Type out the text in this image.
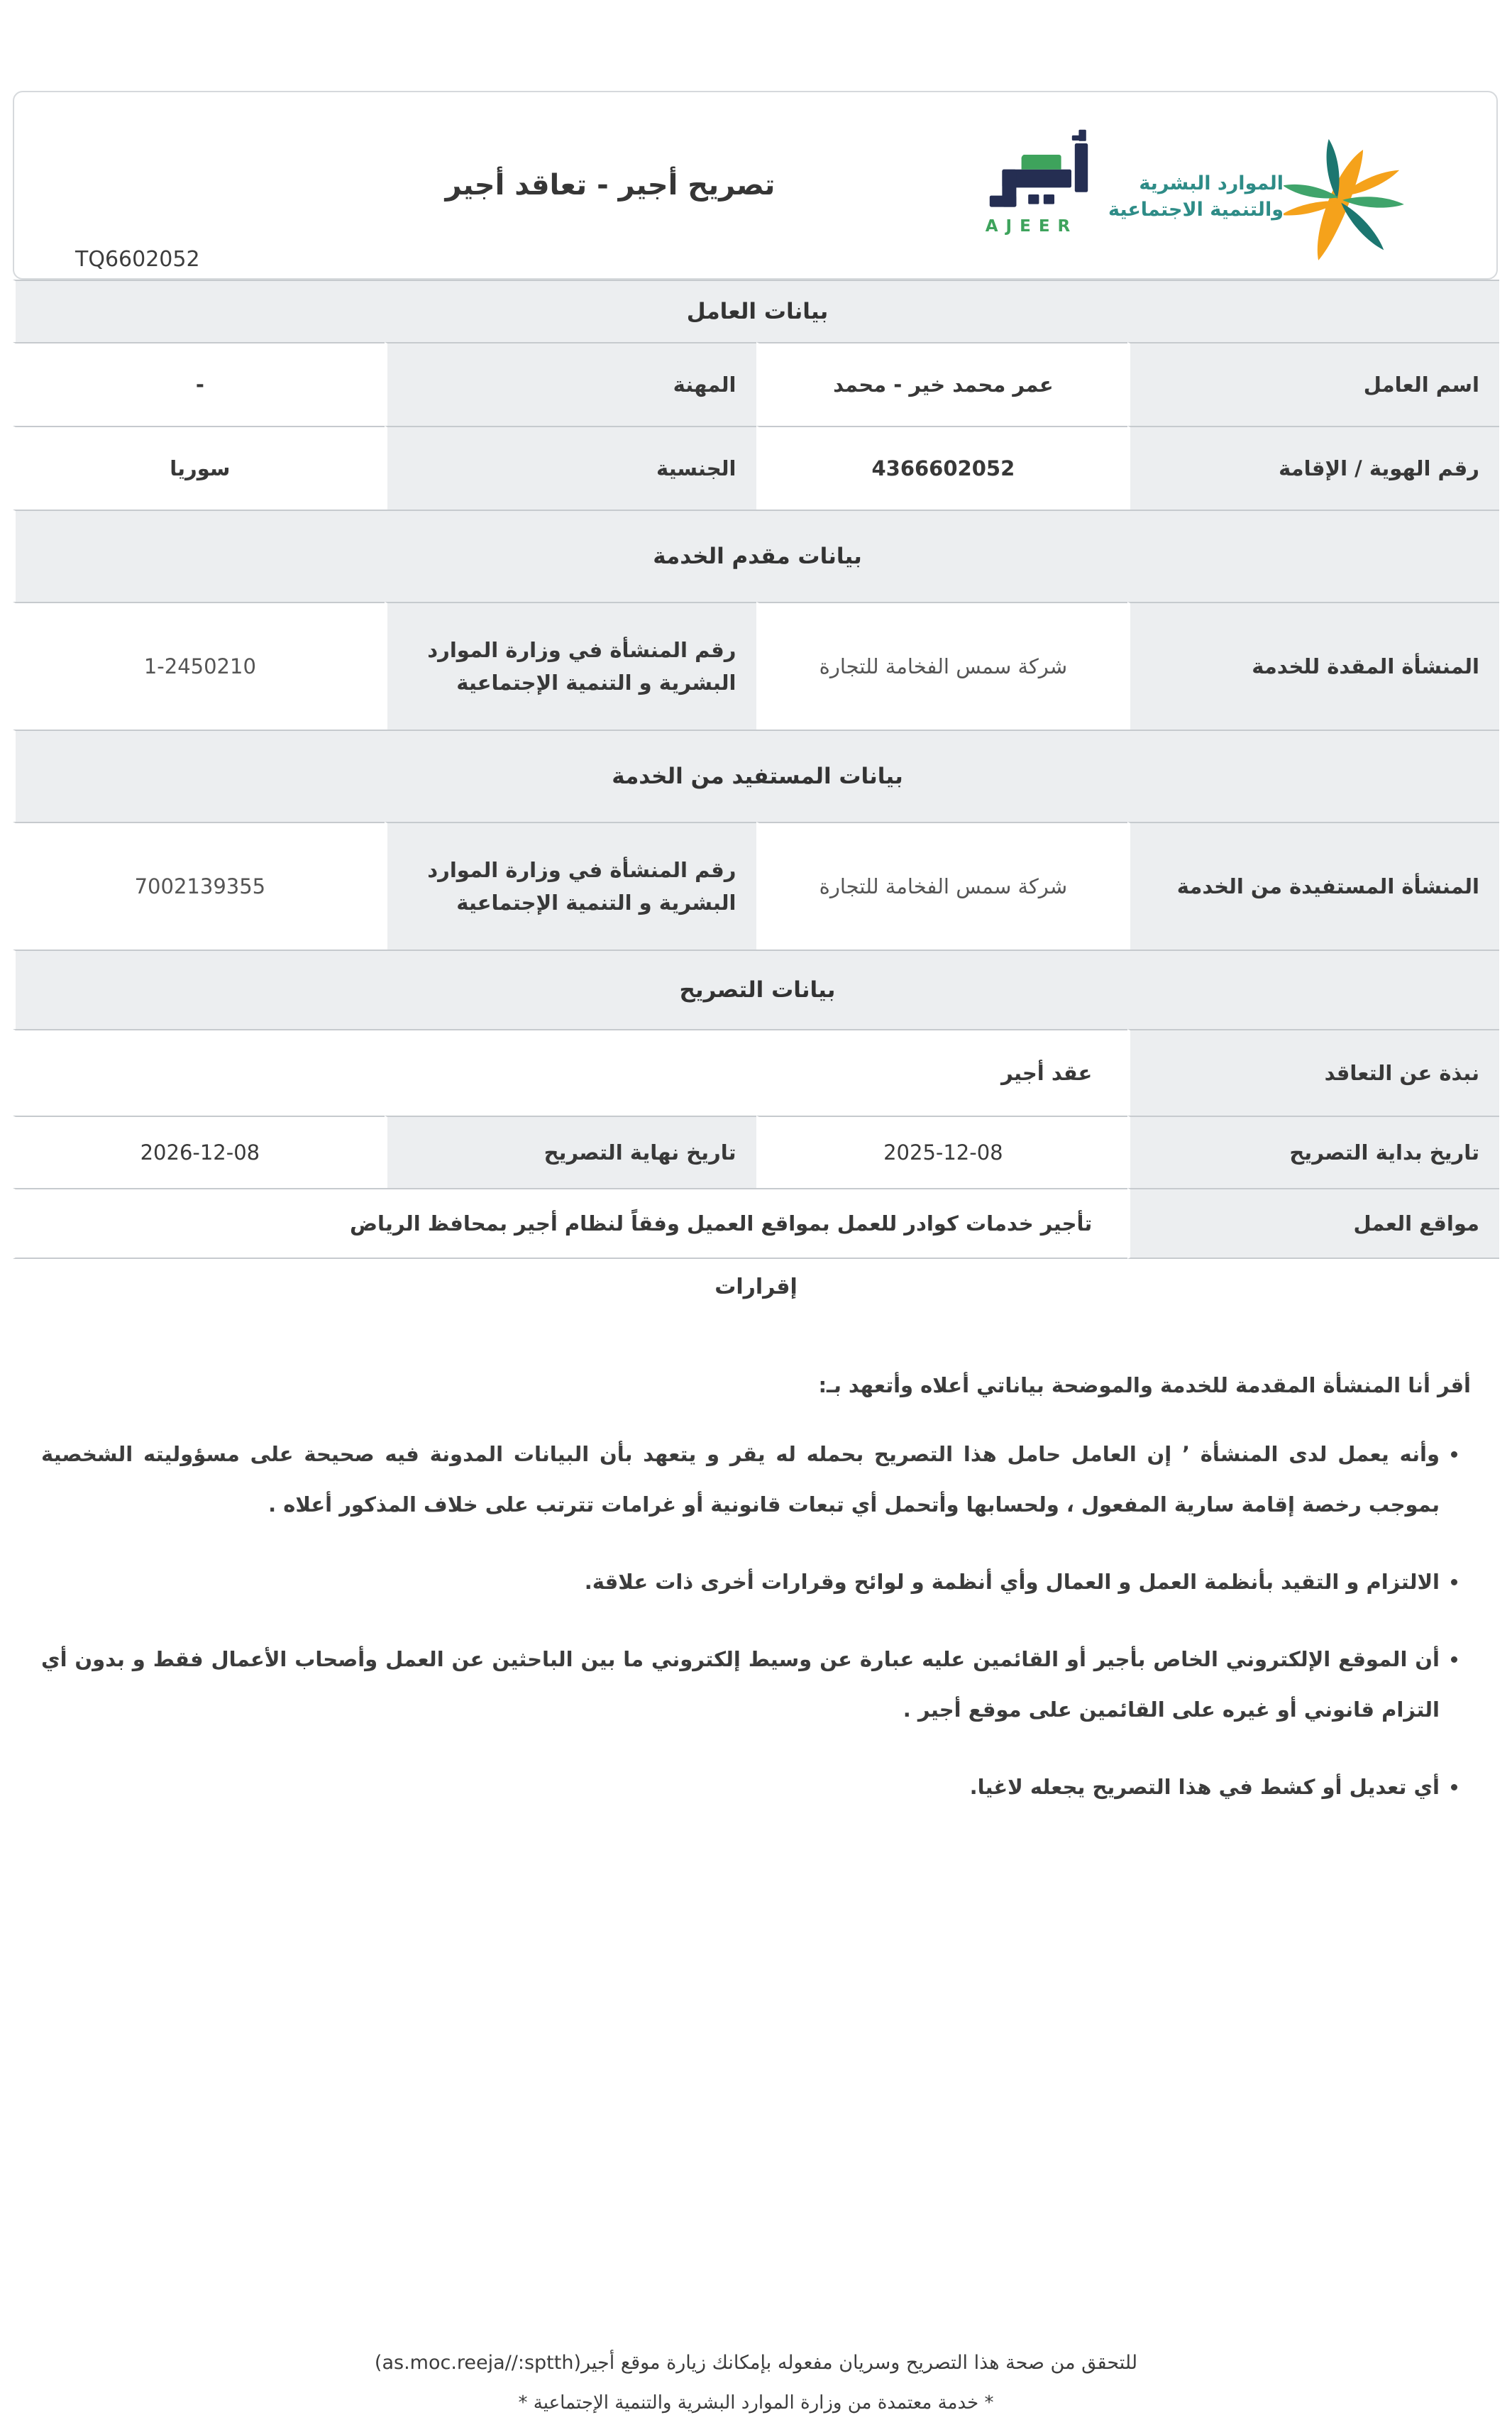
تصريح أجير - تعاقد أجير
TQ6602052
AJEER
الموارد البشرية
والتنمية الاجتماعية

بيانات العامل			
اسم العامل	عمر محمد خير - محمد	المهنة	-
رقم الهوية / الإقامة	4366602052	الجنسية	سوريا
بيانات مقدم الخدمة			
المنشأة المقدة للخدمة	شركة سمس الفخامة للتجارة	رقم المنشأة في وزارة الموارد البشرية و التنمية الإجتماعية	1-2450210
بيانات المستفيد من الخدمة			
المنشأة المستفيدة من الخدمة	شركة سمس الفخامة للتجارة	رقم المنشأة في وزارة الموارد البشرية و التنمية الإجتماعية	7002139355
بيانات التصريح			
نبذة عن التعاقد	عقد أجير		
تاريخ بداية التصريح	2025-12-08	تاريخ نهاية التصريح	2026-12-08
مواقع العمل	تأجير خدمات كوادر للعمل بمواقع العميل وفقاً لنظام أجير بمحافظ الرياض		
إقرارات
أقر أنا المنشأة المقدمة للخدمة والموضحة بياناتي أعلاه وأتعهد بـ:
• وأنه يعمل لدى المنشأة ’ إن العامل حامل هذا التصريح بحمله له يقر و يتعهد بأن البيانات المدونة فيه صحيحة على مسؤوليته الشخصية بموجب رخصة إقامة سارية المفعول ، ولحسابها وأتحمل أي تبعات قانونية أو غرامات تترتب على خلاف المذكور أعلاه .
• الالتزام و التقيد بأنظمة العمل و العمال وأي أنظمة و لوائح وقرارات أخرى ذات علاقة.
• أن الموقع الإلكتروني الخاص بأجير أو القائمين عليه عبارة عن وسيط إلكتروني ما بين الباحثين عن العمل وأصحاب الأعمال فقط و بدون أي التزام قانوني أو غيره على القائمين على موقع أجير .
• أي تعديل أو كشط في هذا التصريح يجعله لاغيا.
للتحقق من صحة هذا التصريح وسريان مفعوله بإمكانك زيارة موقع أجير(as.moc.reeja//:sptth)
* خدمة معتمدة من وزارة الموارد البشرية والتنمية الإجتماعية *
